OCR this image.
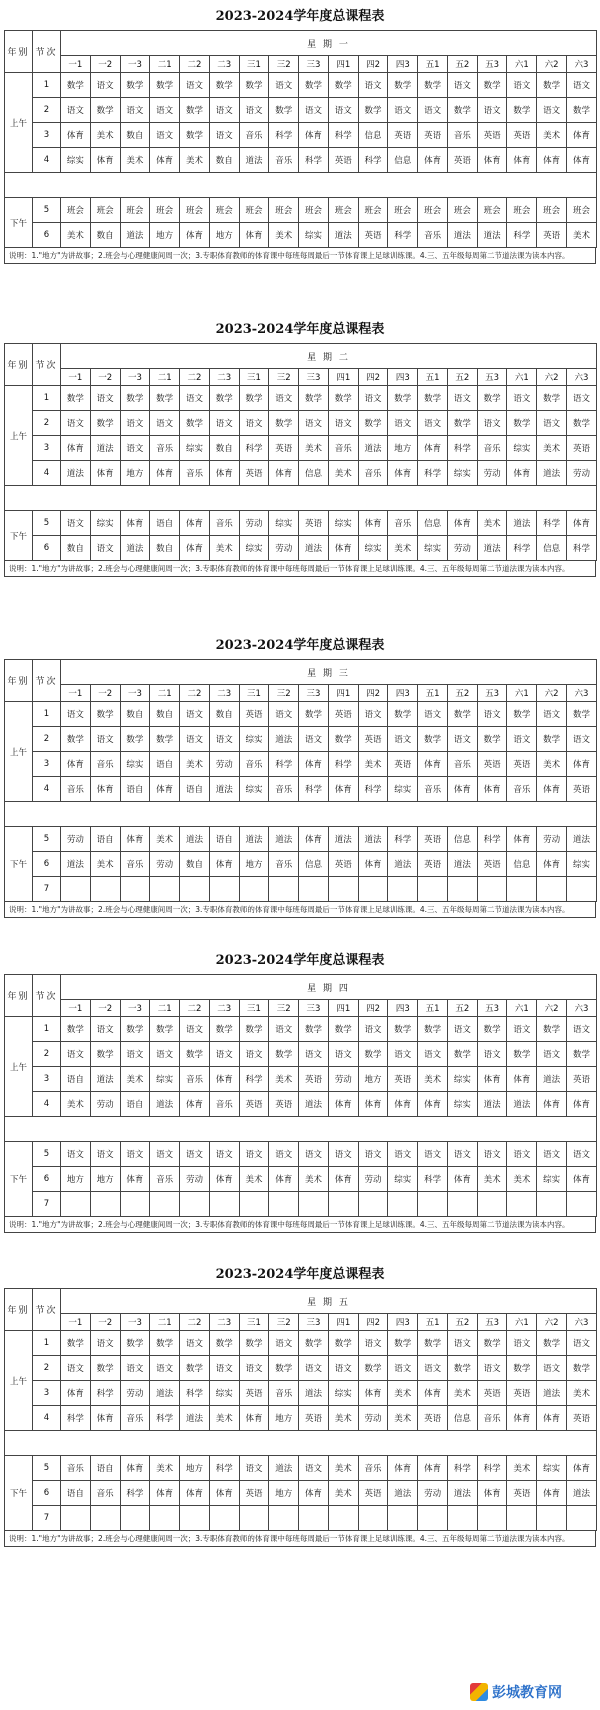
2023-2024学年度总课程表
年别	节次	星 期 一																	
		一1	一2	一3	二1	二2	二3	三1	三2	三3	四1	四2	四3	五1	五2	五3	六1	六2	六3
上午	1	数学	语文	数学	数学	语文	数学	数学	语文	数学	数学	语文	数学	数学	语文	数学	语文	数学	语文
	2	语文	数学	语文	语文	数学	语文	语文	数学	语文	语文	数学	语文	语文	数学	语文	数学	语文	数学
	3	体育	美术	数自	语文	数学	语文	音乐	科学	体育	科学	信息	英语	英语	音乐	英语	英语	美术	体育
	4	综实	体育	美术	体育	美术	数自	道法	音乐	科学	英语	科学	信息	体育	英语	体育	体育	体育	体育

下午	5	班会	班会	班会	班会	班会	班会	班会	班会	班会	班会	班会	班会	班会	班会	班会	班会	班会	班会
	6	美术	数自	道法	地方	体育	地方	体育	美术	综实	道法	英语	科学	音乐	道法	道法	科学	英语	美术
说明：1."地方"为讲故事；2.班会与心理健康间周一次；3.专职体育教师的体育课中每班每周最后一节体育课上足球训练课。4.三、五年级每周第二节道法课为读本内容。
2023-2024学年度总课程表
年别	节次	星 期 二																	
		一1	一2	一3	二1	二2	二3	三1	三2	三3	四1	四2	四3	五1	五2	五3	六1	六2	六3
上午	1	数学	语文	数学	数学	语文	数学	数学	语文	数学	数学	语文	数学	数学	语文	数学	语文	数学	语文
	2	语文	数学	语文	语文	数学	语文	语文	数学	语文	语文	数学	语文	语文	数学	语文	数学	语文	数学
	3	体育	道法	语文	音乐	综实	数自	科学	英语	美术	音乐	道法	地方	体育	科学	音乐	综实	美术	英语
	4	道法	体育	地方	体育	音乐	体育	英语	体育	信息	美术	音乐	体育	科学	综实	劳动	体育	道法	劳动

下午	5	语文	综实	体育	语自	体育	音乐	劳动	综实	英语	综实	体育	音乐	信息	体育	美术	道法	科学	体育
	6	数自	语文	道法	数自	体育	美术	综实	劳动	道法	体育	综实	美术	综实	劳动	道法	科学	信息	科学
说明：1."地方"为讲故事；2.班会与心理健康间周一次；3.专职体育教师的体育课中每班每周最后一节体育课上足球训练课。4.三、五年级每周第二节道法课为读本内容。
2023-2024学年度总课程表
年别	节次	星 期 三																	
		一1	一2	一3	二1	二2	二3	三1	三2	三3	四1	四2	四3	五1	五2	五3	六1	六2	六3
上午	1	语文	数学	数自	数自	语文	数自	英语	语文	数学	英语	语文	数学	语文	数学	语文	数学	语文	数学
	2	数学	语文	数学	数学	语文	语文	综实	道法	语文	数学	英语	语文	数学	语文	数学	语文	数学	语文
	3	体育	音乐	综实	语自	美术	劳动	音乐	科学	体育	科学	美术	英语	体育	音乐	英语	英语	美术	体育
	4	音乐	体育	语自	体育	语自	道法	综实	音乐	科学	体育	科学	综实	音乐	体育	体育	音乐	体育	英语

下午	5	劳动	语自	体育	美术	道法	语自	道法	道法	体育	道法	道法	科学	英语	信息	科学	体育	劳动	道法
	6	道法	美术	音乐	劳动	数自	体育	地方	音乐	信息	英语	体育	道法	英语	道法	英语	信息	体育	综实
	7																		
说明：1."地方"为讲故事；2.班会与心理健康间周一次；3.专职体育教师的体育课中每班每周最后一节体育课上足球训练课。4.三、五年级每周第二节道法课为读本内容。
2023-2024学年度总课程表
年别	节次	星 期 四																	
		一1	一2	一3	二1	二2	二3	三1	三2	三3	四1	四2	四3	五1	五2	五3	六1	六2	六3
上午	1	数学	语文	数学	数学	语文	数学	数学	语文	数学	数学	语文	数学	数学	语文	数学	语文	数学	语文
	2	语文	数学	语文	语文	数学	语文	语文	数学	语文	语文	数学	语文	语文	数学	语文	数学	语文	数学
	3	语自	道法	美术	综实	音乐	体育	科学	美术	英语	劳动	地方	英语	美术	综实	体育	体育	道法	英语
	4	美术	劳动	语自	道法	体育	音乐	英语	英语	道法	体育	体育	体育	体育	综实	道法	道法	体育	体育

下午	5	语文	语文	语文	语文	语文	语文	语文	语文	语文	语文	语文	语文	语文	语文	语文	语文	语文	语文
	6	地方	地方	体育	音乐	劳动	体育	美术	体育	美术	体育	劳动	综实	科学	体育	美术	美术	综实	体育
	7																		
说明：1."地方"为讲故事；2.班会与心理健康间周一次；3.专职体育教师的体育课中每班每周最后一节体育课上足球训练课。4.三、五年级每周第二节道法课为读本内容。
2023-2024学年度总课程表
年别	节次	星 期 五																	
		一1	一2	一3	二1	二2	二3	三1	三2	三3	四1	四2	四3	五1	五2	五3	六1	六2	六3
上午	1	数学	语文	数学	数学	语文	数学	数学	语文	数学	数学	语文	数学	数学	语文	数学	语文	数学	语文
	2	语文	数学	语文	语文	数学	语文	语文	数学	语文	语文	数学	语文	语文	数学	语文	数学	语文	数学
	3	体育	科学	劳动	道法	科学	综实	英语	音乐	道法	综实	体育	美术	体育	美术	英语	英语	道法	美术
	4	科学	体育	音乐	科学	道法	美术	体育	地方	英语	美术	劳动	美术	英语	信息	音乐	体育	体育	英语

下午	5	音乐	语自	体育	美术	地方	科学	语文	道法	语文	美术	音乐	体育	体育	科学	科学	美术	综实	体育
	6	语自	音乐	科学	体育	体育	体育	英语	地方	体育	美术	英语	道法	劳动	道法	体育	英语	体育	道法
	7																		
说明：1."地方"为讲故事；2.班会与心理健康间周一次；3.专职体育教师的体育课中每班每周最后一节体育课上足球训练课。4.三、五年级每周第二节道法课为读本内容。
彭城教育网
